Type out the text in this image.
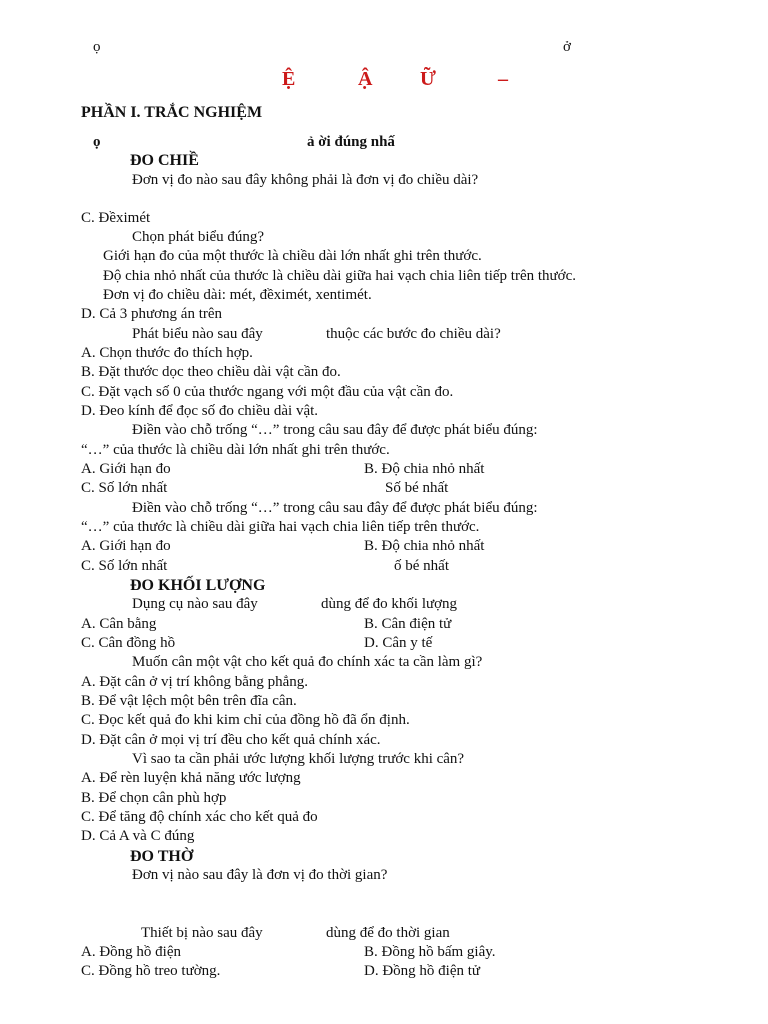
ọ	ở
Ệ	Ậ Ữ	–
PHẦN I. TRẮC NGHIỆM
ọ	ả ời đúng nhấ
ĐO CHIỀ
Đơn vị đo nào sau đây không phải là đơn vị đo chiều dài?
C. Đềximét
Chọn phát biểu đúng?
Giới hạn đo của một thước là chiều dài lớn nhất ghi trên thước.
Độ chia nhỏ nhất của thước là chiều dài giữa hai vạch chia liên tiếp trên thước.
Đơn vị đo chiều dài: mét, đềximét, xentimét.
D. Cả 3 phương án trên
Phát biểu nào sau đây	thuộc các bước đo chiều dài?
A. Chọn thước đo thích hợp.
B. Đặt thước dọc theo chiều dài vật cần đo.
C. Đặt vạch số 0 của thước ngang với một đầu của vật cần đo.
D. Đeo kính để đọc số đo chiều dài vật.
Điền vào chỗ trống “…” trong câu sau đây để được phát biểu đúng:
“…” của thước là chiều dài lớn nhất ghi trên thước.
A. Giới hạn đo	B. Độ chia nhỏ nhất
C. Số lớn nhất	Số bé nhất
Điền vào chỗ trống “…” trong câu sau đây để được phát biểu đúng:
“…” của thước là chiều dài giữa hai vạch chia liên tiếp trên thước.
A. Giới hạn đo	B. Độ chia nhỏ nhất
C. Số lớn nhất	ố bé nhất
ĐO KHỐI LƯỢNG
Dụng cụ nào sau đây	dùng để đo khối lượng
A. Cân bằng	B. Cân điện tử
C. Cân đồng hồ	D. Cân y tế
Muốn cân một vật cho kết quả đo chính xác ta cần làm gì?
A. Đặt cân ở vị trí không bằng phẳng.
B. Để vật lệch một bên trên đĩa cân.
C. Đọc kết quả đo khi kim chỉ của đồng hồ đã ổn định.
D. Đặt cân ở mọi vị trí đều cho kết quả chính xác.
Vì sao ta cần phải ước lượng khối lượng trước khi cân?
A. Để rèn luyện khả năng ước lượng
B. Để chọn cân phù hợp
C. Để tăng độ chính xác cho kết quả đo
D. Cả A và C đúng
ĐO THỜ
Đơn vị nào sau đây là đơn vị đo thời gian?
Thiết bị nào sau đây	dùng để đo thời gian
A. Đồng hồ điện	B. Đồng hồ bấm giây.
C. Đồng hồ treo tường.	D. Đồng hồ điện tử
